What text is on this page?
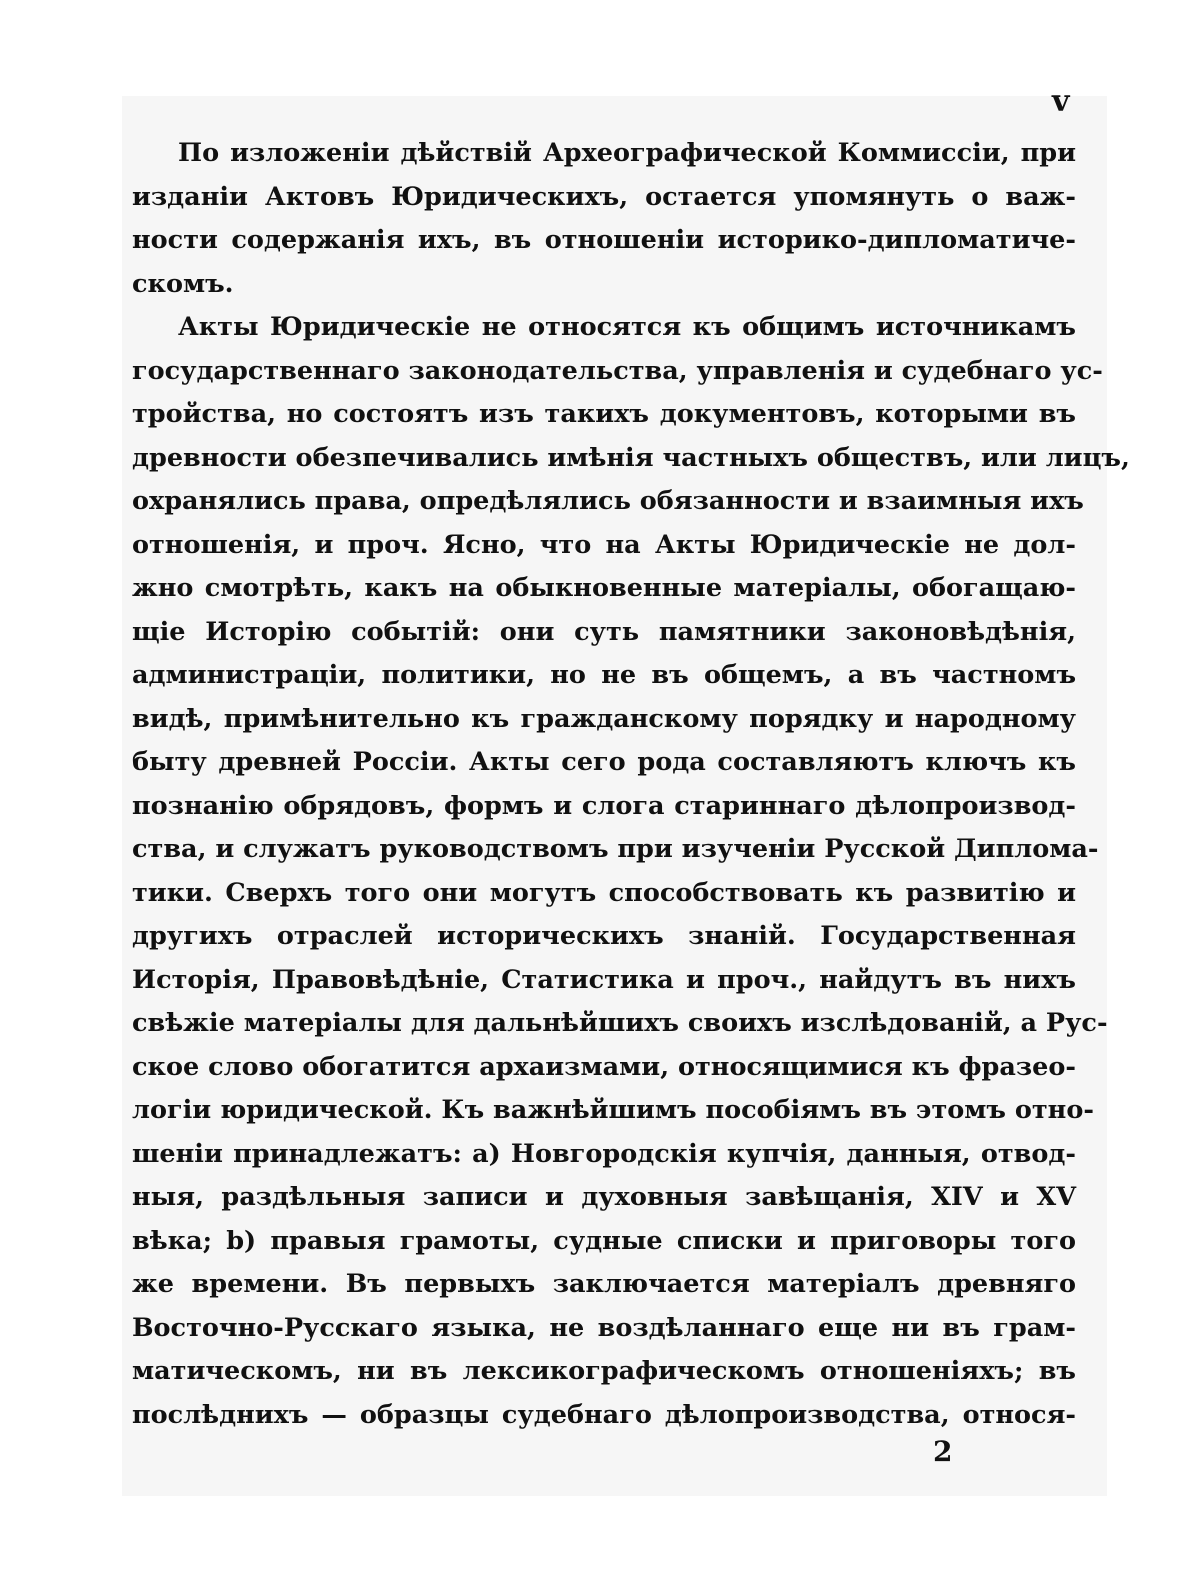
v
По изложеніи дѣйствій Археографической Коммиссіи, при
изданіи Актовъ Юридическихъ, остается упомянуть о важ-
ности содержанія ихъ, въ отношеніи историко-дипломатиче-
скомъ.
Акты Юридическіе не относятся къ общимъ источникамъ
государственнаго законодательства, управленія и судебнаго ус-
тройства, но состоятъ изъ такихъ документовъ, которыми въ
древности обезпечивались имѣнія частныхъ обществъ, или лицъ,
охранялись права, опредѣлялись обязанности и взаимныя ихъ
отношенія, и проч. Ясно, что на Акты Юридическіе не дол-
жно смотрѣть, какъ на обыкновенные матеріалы, обогащаю-
щіе Исторію событій: они суть памятники законовѣдѣнія,
администраціи, политики, но не въ общемъ, а въ частномъ
видѣ, примѣнительно къ гражданскому порядку и народному
быту древней Россіи. Акты сего рода составляютъ ключъ къ
познанію обрядовъ, формъ и слога стариннаго дѣлопроизвод-
ства, и служатъ руководствомъ при изученіи Русской Диплома-
тики. Сверхъ того они могутъ способствовать къ развитію и
другихъ отраслей историческихъ знаній. Государственная
Исторія, Правовѣдѣніе, Статистика и проч., найдутъ въ нихъ
свѣжіе матеріалы для дальнѣйшихъ своихъ изслѣдованій, а Рус-
ское слово обогатится архаизмами, относящимися къ фразео-
логіи юридической. Къ важнѣйшимъ пособіямъ въ этомъ отно-
шеніи принадлежатъ: а) Новгородскія купчія, данныя, отвод-
ныя, раздѣльныя записи и духовныя завѣщанія, XIV и XV
вѣка; b) правыя грамоты, судные списки и приговоры того
же времени. Въ первыхъ заключается матеріалъ древняго
Восточно-Русскаго языка, не воздѣланнаго еще ни въ грам-
матическомъ, ни въ лексикографическомъ отношеніяхъ; въ
послѣднихъ — образцы судебнаго дѣлопроизводства, относя-
2
